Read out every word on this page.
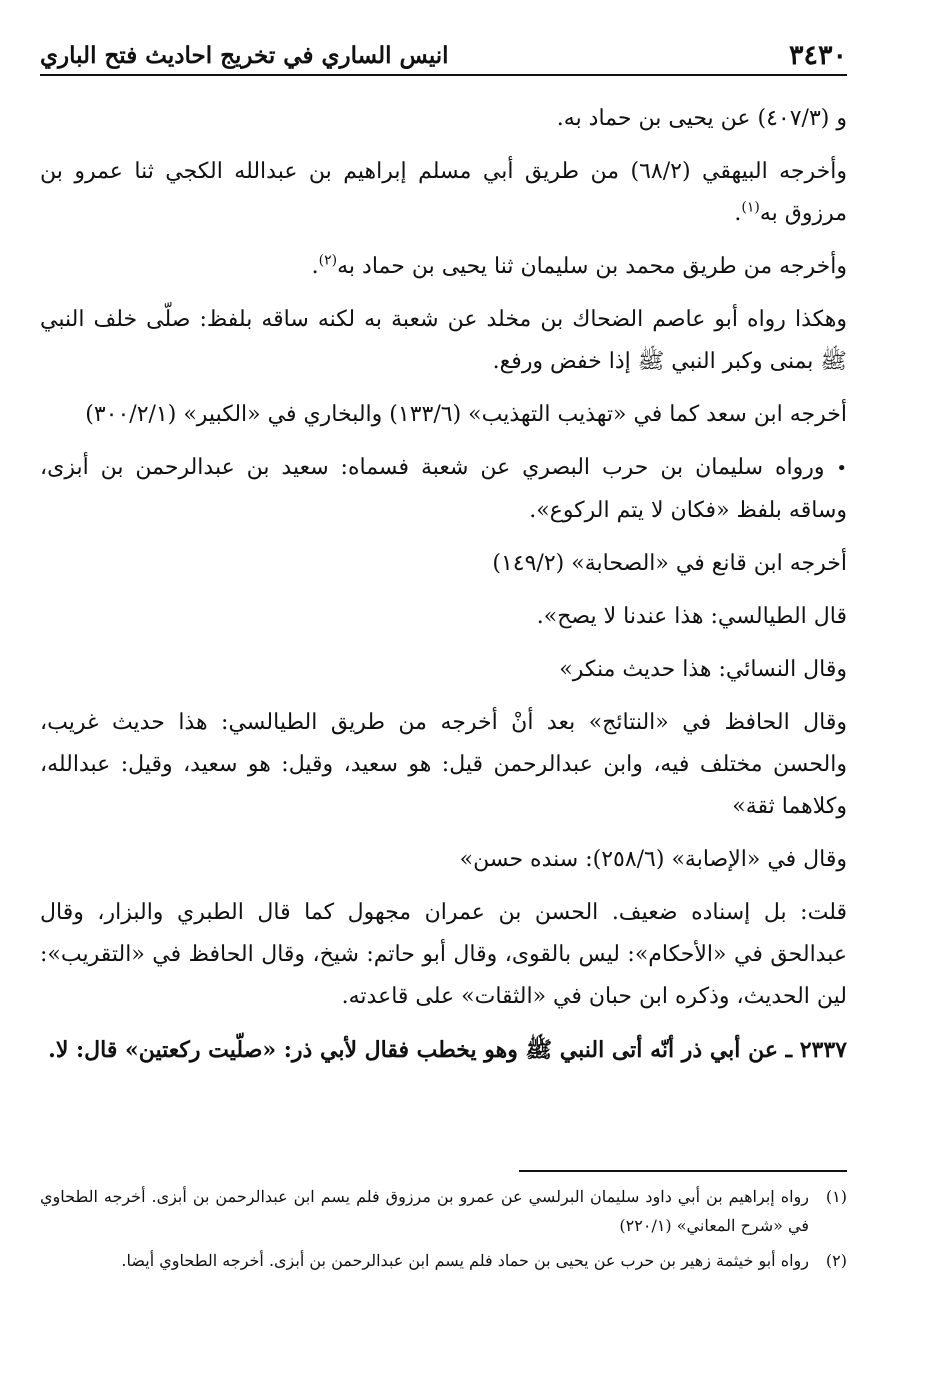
٣٤٣٠
انيس الساري في تخريج احاديث فتح الباري

و (٤٠٧/٣) عن يحيى بن حماد به.

وأخرجه البيهقي (٦٨/٢) من طريق أبي مسلم إبراهيم بن عبدالله الكجي ثنا عمرو بن مرزوق به$^{(١)}$.

وأخرجه من طريق محمد بن سليمان ثنا يحيى بن حماد به$^{(٢)}$.

وهكذا رواه أبو عاصم الضحاك بن مخلد عن شعبة به لكنه ساقه بلفظ: صلّى خلف النبي ﷺ بمنى وكبر النبي ﷺ إذا خفض ورفع.

أخرجه ابن سعد كما في «تهذيب التهذيب» (١٣٣/٦) والبخاري في «الكبير» (٣٠٠/٢/١)

• ورواه سليمان بن حرب البصري عن شعبة فسماه: سعيد بن عبدالرحمن بن أبزى، وساقه بلفظ «فكان لا يتم الركوع».

أخرجه ابن قانع في «الصحابة» (١٤٩/٢)

قال الطيالسي: هذا عندنا لا يصح».

وقال النسائي: هذا حديث منكر»

وقال الحافظ في «النتائج» بعد أنْ أخرجه من طريق الطيالسي: هذا حديث غريب، والحسن مختلف فيه، وابن عبدالرحمن قيل: هو سعيد، وقيل: هو سعيد، وقيل: عبدالله، وكلاهما ثقة»

وقال في «الإصابة» (٢٥٨/٦): سنده حسن»

قلت: بل إسناده ضعيف. الحسن بن عمران مجهول كما قال الطبري والبزار، وقال عبدالحق في «الأحكام»: ليس بالقوى، وقال أبو حاتم: شيخ، وقال الحافظ في «التقريب»: لين الحديث، وذكره ابن حبان في «الثقات» على قاعدته.

٢٣٣٧ ـ عن أبي ذر أنّه أتى النبي ﷺ وهو يخطب فقال لأبي ذر: «صلّيت ركعتين» قال: لا.

(١)
رواه إبراهيم بن أبي داود سليمان البرلسي عن عمرو بن مرزوق فلم يسم ابن عبدالرحمن بن أبزى. أخرجه الطحاوي في «شرح المعاني» (٢٢٠/١)
(٢)
رواه أبو خيثمة زهير بن حرب عن يحيى بن حماد فلم يسم ابن عبدالرحمن بن أبزى. أخرجه الطحاوي أيضا.
